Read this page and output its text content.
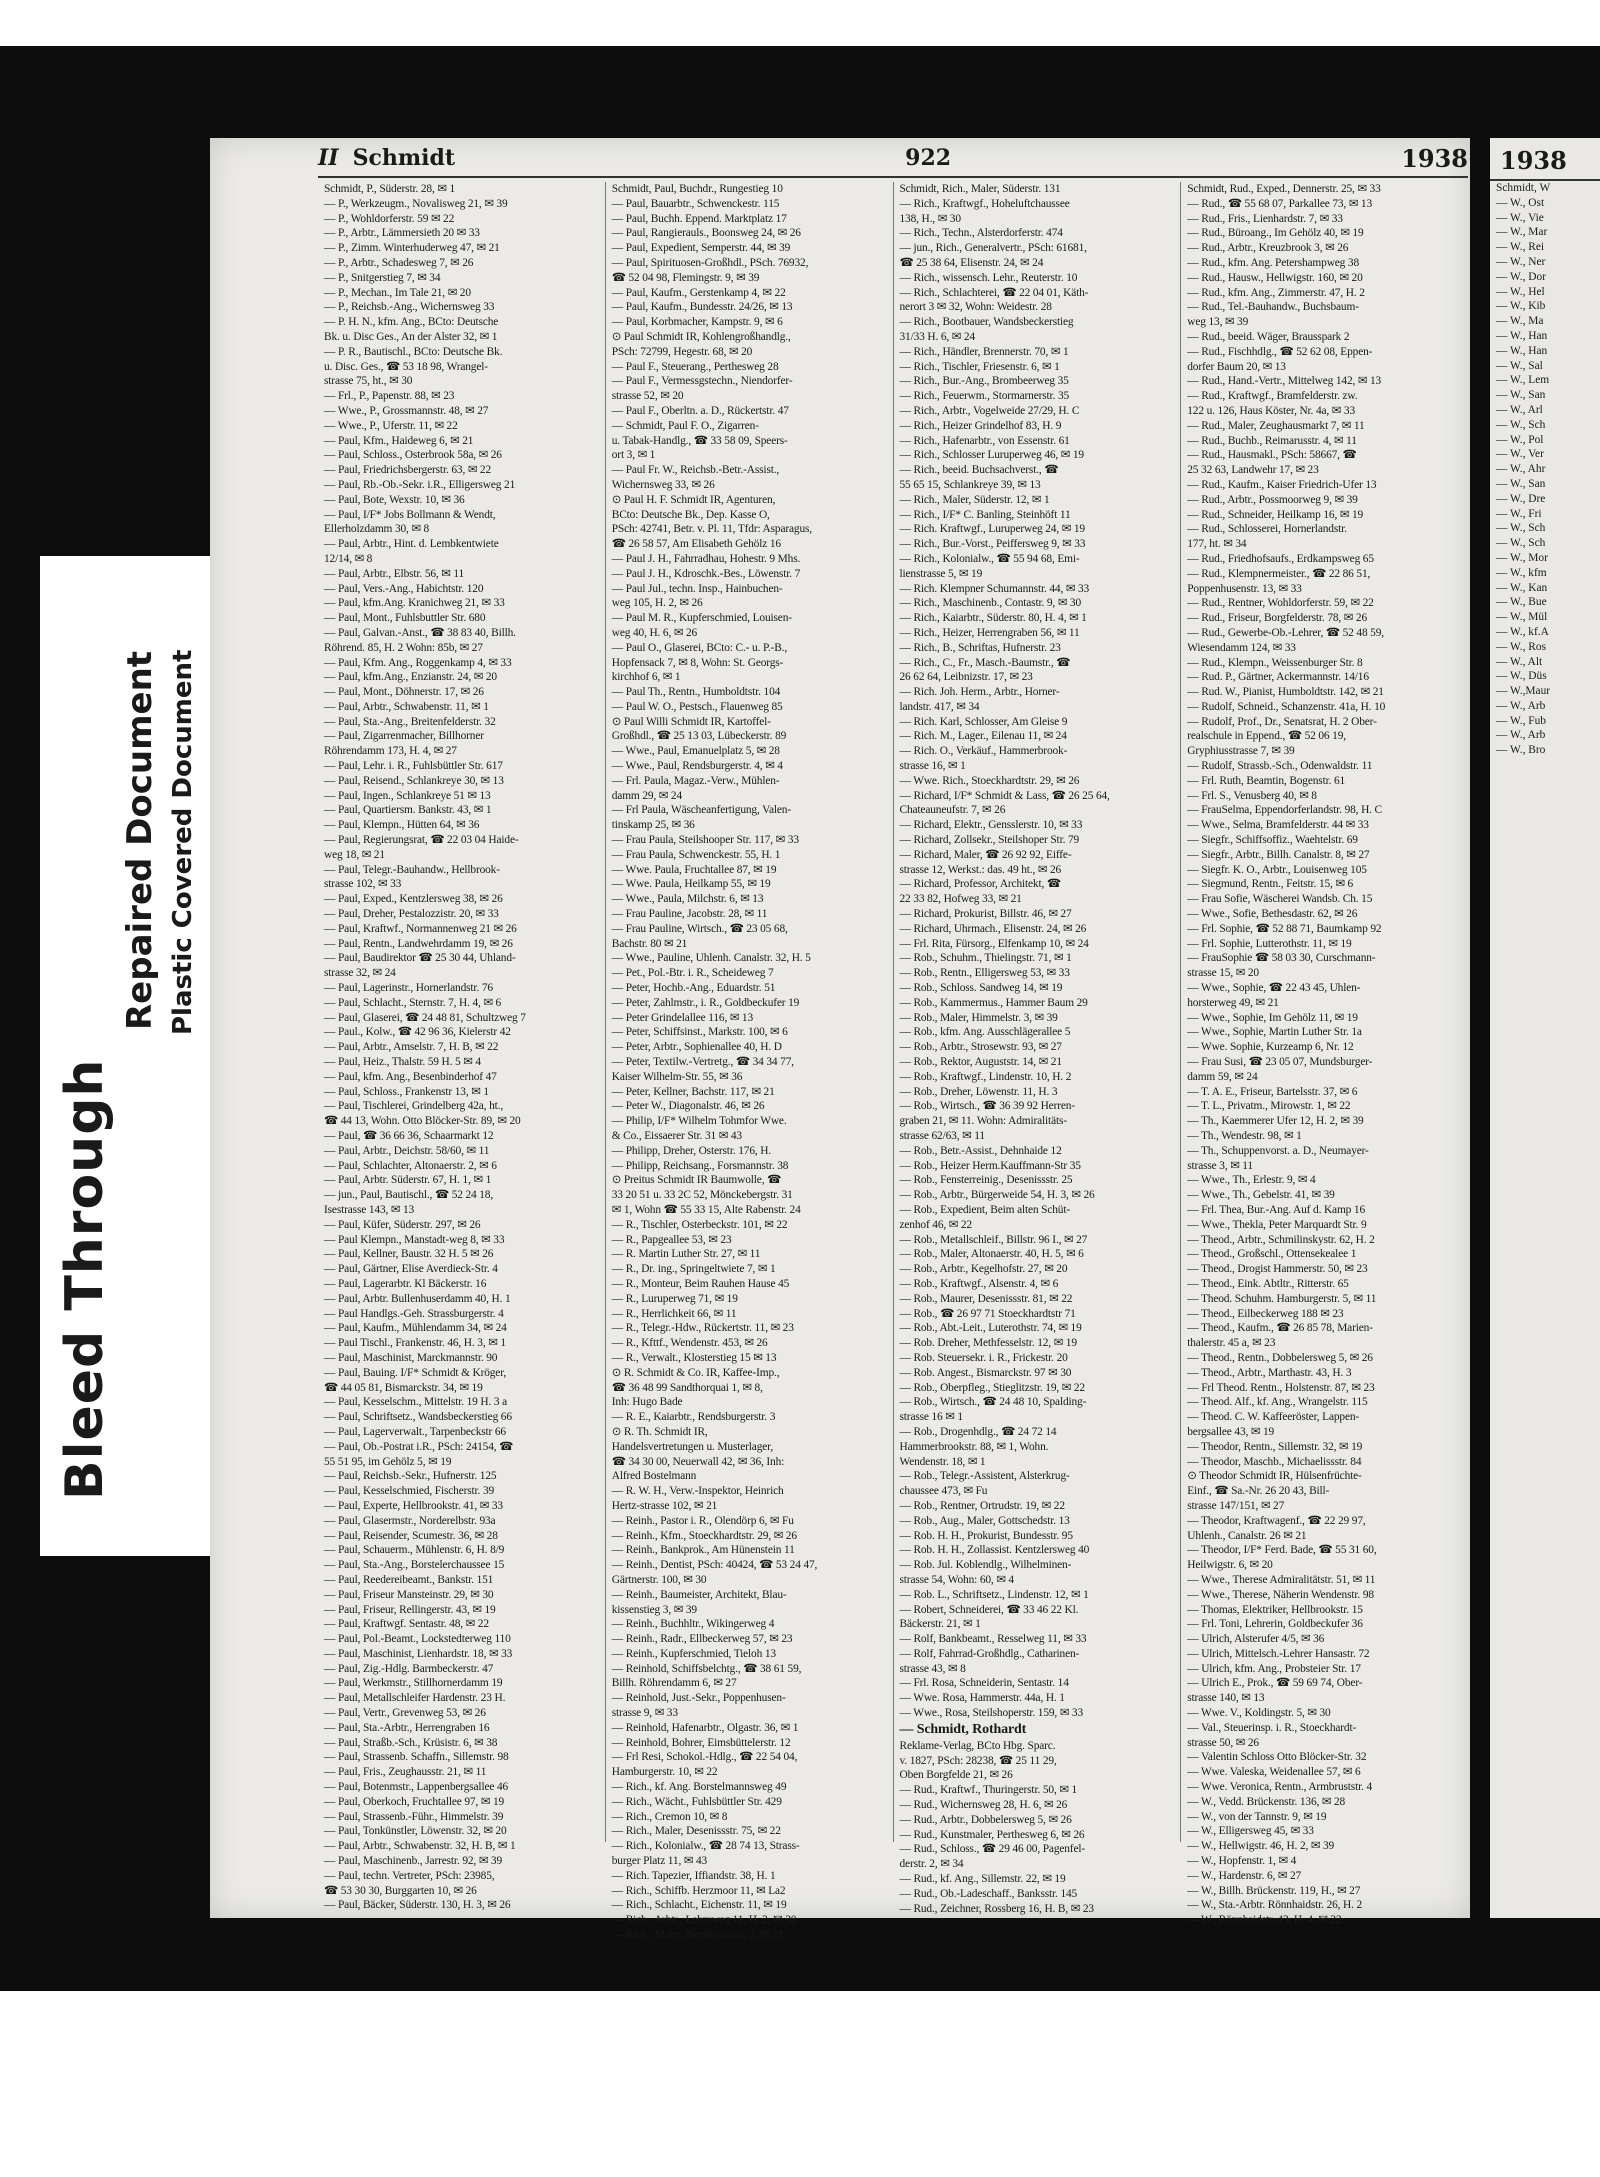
Bleed Through
Repaired Document Plastic Covered Document
II Schmidt	922	1938
Schmidt, P., Süderstr. 28, ✉ 1
— P., Werkzeugm., Novalisweg 21, ✉ 39
— P., Wohldorferstr. 59 ✉ 22
— P., Arbtr., Lämmersieth 20 ✉ 33
— P., Zimm. Winterhuderweg 47, ✉ 21
— P., Arbtr., Schadesweg 7, ✉ 26
— P., Snitgerstieg 7, ✉ 34
— P., Mechan., Im Tale 21, ✉ 20
— P., Reichsb.-Ang., Wichernsweg 33
— P. H. N., kfm. Ang., BCto: Deutsche
Bk. u. Disc Ges., An der Alster 32, ✉ 1
— P. R., Bautischl., BCto: Deutsche Bk.
u. Disc. Ges., ☎ 53 18 98, Wrangel-
strasse 75, ht., ✉ 30
— Frl., P., Papenstr. 88, ✉ 23
— Wwe., P., Grossmannstr. 48, ✉ 27
— Wwe., P., Uferstr. 11, ✉ 22
— Paul, Kfm., Haideweg 6, ✉ 21
— Paul, Schloss., Osterbrook 58a, ✉ 26
— Paul, Friedrichsbergerstr. 63, ✉ 22
— Paul, Rb.-Ob.-Sekr. i.R., Elligersweg 21
— Paul, Bote, Wexstr. 10, ✉ 36
— Paul, I/F* Jobs Bollmann & Wendt,
Ellerholzdamm 30, ✉ 8
— Paul, Arbtr., Hint. d. Lembkentwiete
12/14, ✉ 8
— Paul, Arbtr., Elbstr. 56, ✉ 11
— Paul, Vers.-Ang., Habichtstr. 120
— Paul, kfm.Ang. Kranichweg 21, ✉ 33
— Paul, Mont., Fuhlsbuttler Str. 680
— Paul, Galvan.-Anst., ☎ 38 83 40, Billh.
Röhrend. 85, H. 2 Wohn: 85b, ✉ 27
— Paul, Kfm. Ang., Roggenkamp 4, ✉ 33
— Paul, kfm.Ang., Enzianstr. 24, ✉ 20
— Paul, Mont., Döhnerstr. 17, ✉ 26
— Paul, Arbtr., Schwabenstr. 11, ✉ 1
— Paul, Sta.-Ang., Breitenfelderstr. 32
— Paul, Zigarrenmacher, Billhorner
Röhrendamm 173, H. 4, ✉ 27
— Paul, Lehr. i. R., Fuhlsbüttler Str. 617
— Paul, Reisend., Schlankreye 30, ✉ 13
— Paul, Ingen., Schlankreye 51 ✉ 13
— Paul, Quartiersm. Bankstr. 43, ✉ 1
— Paul, Klempn., Hütten 64, ✉ 36
— Paul, Regierungsrat, ☎ 22 03 04 Haide-
weg 18, ✉ 21
— Paul, Telegr.-Bauhandw., Hellbrook-
strasse 102, ✉ 33
— Paul, Exped., Kentzlersweg 38, ✉ 26
— Paul, Dreher, Pestalozzistr. 20, ✉ 33
— Paul, Kraftwf., Normannenweg 21 ✉ 26
— Paul, Rentn., Landwehrdamm 19, ✉ 26
— Paul, Baudirektor ☎ 25 30 44, Uhland-
strasse 32, ✉ 24
— Paul, Lagerinstr., Hornerlandstr. 76
— Paul, Schlacht., Sternstr. 7, H. 4, ✉ 6
— Paul, Glaserei, ☎ 24 48 81, Schultzweg 7
— Paul., Kolw., ☎ 42 96 36, Kielerstr 42
— Paul, Arbtr., Amselstr. 7, H. B, ✉ 22
— Paul, Heiz., Thalstr. 59 H. 5 ✉ 4
— Paul, kfm. Ang., Besenbinderhof 47
— Paul, Schloss., Frankenstr 13, ✉ 1
— Paul, Tischlerei, Grindelberg 42a, ht.,
☎ 44 13, Wohn. Otto Blöcker-Str. 89, ✉ 20
— Paul, ☎ 36 66 36, Schaarmarkt 12
— Paul, Arbtr., Deichstr. 58/60, ✉ 11
— Paul, Schlachter, Altonaerstr. 2, ✉ 6
— Paul, Arbtr. Süderstr. 67, H. 1, ✉ 1
— jun., Paul, Bautischl., ☎ 52 24 18,
Isestrasse 143, ✉ 13
— Paul, Küfer, Süderstr. 297, ✉ 26
— Paul Klempn., Manstadt-weg 8, ✉ 33
— Paul, Kellner, Baustr. 32 H. 5 ✉ 26
— Paul, Gärtner, Elise Averdieck-Str. 4
— Paul, Lagerarbtr. Kl Bäckerstr. 16
— Paul, Arbtr. Bullenhuserdamm 40, H. 1
— Paul Handlgs.-Geh. Strassburgerstr. 4
— Paul, Kaufm., Mühlendamm 34, ✉ 24
— Paul Tischl., Frankenstr. 46, H. 3, ✉ 1
— Paul, Maschinist, Marckmannstr. 90
— Paul, Bauing. I/F* Schmidt & Kröger,
☎ 44 05 81, Bismarckstr. 34, ✉ 19
— Paul, Kesselschm., Mittelstr. 19 H. 3 a
— Paul, Schriftsetz., Wandsbeckerstieg 66
— Paul, Lagerverwalt., Tarpenbeckstr 66
— Paul, Ob.-Postrat i.R., PSch: 24154, ☎
55 51 95, im Gehölz 5, ✉ 19
— Paul, Reichsb.-Sekr., Hufnerstr. 125
— Paul, Kesselschmied, Fischerstr. 39
— Paul, Experte, Hellbrookstr. 41, ✉ 33
— Paul, Glasermstr., Norderelbstr. 93a
— Paul, Reisender, Scumestr. 36, ✉ 28
— Paul, Schauerm., Mühlenstr. 6, H. 8/9
— Paul, Sta.-Ang., Borstelerchaussee 15
— Paul, Reedereibeamt., Bankstr. 151
— Paul, Friseur Mansteinstr. 29, ✉ 30
— Paul, Friseur, Rellingerstr. 43, ✉ 19
— Paul, Kraftwgf. Sentastr. 48, ✉ 22
— Paul, Pol.-Beamt., Lockstedterweg 110
— Paul, Maschinist, Lienhardstr. 18, ✉ 33
— Paul, Zig.-Hdlg. Barmbeckerstr. 47
— Paul, Werkmstr., Stillhornerdamm 19
— Paul, Metallschleifer Hardenstr. 23 H.
— Paul, Vertr., Grevenweg 53, ✉ 26
— Paul, Sta.-Arbtr., Herrengraben 16
— Paul, Straßb.-Sch., Krüsistr. 6, ✉ 38
— Paul, Strassenb. Schaffn., Sillemstr. 98
— Paul, Fris., Zeughausstr. 21, ✉ 11
— Paul, Botenmstr., Lappenbergsallee 46
— Paul, Oberkoch, Fruchtallee 97, ✉ 19
— Paul, Strassenb.-Führ., Himmelstr. 39
— Paul, Tonkünstler, Löwenstr. 32, ✉ 20
— Paul, Arbtr., Schwabenstr. 32, H. B, ✉ 1
— Paul, Maschinenb., Jarrestr. 92, ✉ 39
— Paul, techn. Vertreter, PSch: 23985,
☎ 53 30 30, Burggarten 10, ✉ 26
— Paul, Bäcker, Süderstr. 130, H. 3, ✉ 26
Schmidt, Paul, Buchdr., Rungestieg 10
— Paul, Bauarbtr., Schwenckestr. 115
— Paul, Buchh. Eppend. Marktplatz 17
— Paul, Rangierauls., Boonsweg 24, ✉ 26
— Paul, Expedient, Semperstr. 44, ✉ 39
— Paul, Spirituosen-Großhdl., PSch. 76932,
☎ 52 04 98, Flemingstr. 9, ✉ 39
— Paul, Kaufm., Gerstenkamp 4, ✉ 22
— Paul, Kaufm., Bundesstr. 24/26, ✉ 13
— Paul, Korbmacher, Kampstr. 9, ✉ 6
⊙ Paul Schmidt IR, Kohlengroßhandlg.,
PSch: 72799, Hegestr. 68, ✉ 20
— Paul F., Steuerang., Perthesweg 28
— Paul F., Vermessgstechn., Niendorfer-
strasse 52, ✉ 20
— Paul F., Oberltn. a. D., Rückertstr. 47
— Schmidt, Paul F. O., Zigarren-
u. Tabak-Handlg., ☎ 33 58 09, Speers-
ort 3, ✉ 1
— Paul Fr. W., Reichsb.-Betr.-Assist.,
Wichernsweg 33, ✉ 26
⊙ Paul H. F. Schmidt IR, Agenturen,
BCto: Deutsche Bk., Dep. Kasse O,
PSch: 42741, Betr. v. Pl. 11, Tfdr: Asparagus,
☎ 26 58 57, Am Elisabeth Gehölz 16
— Paul J. H., Fahrradhau, Hohestr. 9 Mhs.
— Paul J. H., Kdroschk.-Bes., Löwenstr. 7
— Paul Jul., techn. Insp., Hainbuchen-
weg 105, H. 2, ✉ 26
— Paul M. R., Kupferschmied, Louisen-
weg 40, H. 6, ✉ 26
— Paul O., Glaserei, BCto: C.- u. P.-B.,
Hopfensack 7, ✉ 8, Wohn: St. Georgs-
kirchhof 6, ✉ 1
— Paul Th., Rentn., Humboldtstr. 104
— Paul W. O., Pestsch., Flauenweg 85
⊙ Paul Willi Schmidt IR, Kartoffel-
Großhdl., ☎ 25 13 03, Lübeckerstr. 89
— Wwe., Paul, Emanuelplatz 5, ✉ 28
— Wwe., Paul, Rendsburgerstr. 4, ✉ 4
— Frl. Paula, Magaz.-Verw., Mühlen-
damm 29, ✉ 24
— Frl Paula, Wäscheanfertigung, Valen-
tinskamp 25, ✉ 36
— Frau Paula, Steilshooper Str. 117, ✉ 33
— Frau Paula, Schwenckestr. 55, H. 1
— Wwe. Paula, Fruchtallee 87, ✉ 19
— Wwe. Paula, Heilkamp 55, ✉ 19
— Wwe., Paula, Milchstr. 6, ✉ 13
— Frau Pauline, Jacobstr. 28, ✉ 11
— Frau Pauline, Wirtsch., ☎ 23 05 68,
Bachstr. 80 ✉ 21
— Wwe., Pauline, Uhlenh. Canalstr. 32, H. 5
— Pet., Pol.-Btr. i. R., Scheideweg 7
— Peter, Hochb.-Ang., Eduardstr. 51
— Peter, Zahlmstr., i. R., Goldbeckufer 19
— Peter Grindelallee 116, ✉ 13
— Peter, Schiffsinst., Markstr. 100, ✉ 6
— Peter, Arbtr., Sophienallee 40, H. D
— Peter, Textilw.-Vertretg., ☎ 34 34 77,
Kaiser Wilhelm-Str. 55, ✉ 36
— Peter, Kellner, Bachstr. 117, ✉ 21
— Peter W., Diagonalstr. 46, ✉ 26
— Philip, I/F* Wilhelm Tohmfor Wwe.
& Co., Eissaerer Str. 31 ✉ 43
— Philipp, Dreher, Osterstr. 176, H.
— Philipp, Reichsang., Forsmannstr. 38
⊙ Preitus Schmidt IR Baumwolle, ☎
33 20 51 u. 33 2C 52, Mönckebergstr. 31
✉ 1, Wohn ☎ 55 33 15, Alte Rabenstr. 24
— R., Tischler, Osterbeckstr. 101, ✉ 22
— R., Papgeallee 53, ✉ 23
— R. Martin Luther Str. 27, ✉ 11
— R., Dr. ing., Springeltwiete 7, ✉ 1
— R., Monteur, Beim Rauhen Hause 45
— R., Luruperweg 71, ✉ 19
— R., Herrlichkeit 66, ✉ 11
— R., Telegr.-Hdw., Rückertstr. 11, ✉ 23
— R., Kfttf., Wendenstr. 453, ✉ 26
— R., Verwalt., Klosterstieg 15 ✉ 13
⊙ R. Schmidt & Co. IR, Kaffee-Imp.,
☎ 36 48 99 Sandthorquai 1, ✉ 8,
Inh: Hugo Bade
— R. E., Kaiarbtr., Rendsburgerstr. 3
⊙ R. Th. Schmidt IR,
Handelsvertretungen u. Musterlager,
☎ 34 30 00, Neuerwall 42, ✉ 36, Inh:
Alfred Bostelmann
— R. W. H., Verw.-Inspektor, Heinrich
Hertz-strasse 102, ✉ 21
— Reinh., Pastor i. R., Olendörp 6, ✉ Fu
— Reinh., Kfm., Stoeckhardtstr. 29, ✉ 26
— Reinh., Bankprok., Am Hünenstein 11
— Reinh., Dentist, PSch: 40424, ☎ 53 24 47,
Gärtnerstr. 100, ✉ 30
— Reinh., Baumeister, Architekt, Blau-
kissenstieg 3, ✉ 39
— Reinh., Buchhltr., Wikingerweg 4
— Reinh., Radr., Ellbeckerweg 57, ✉ 23
— Reinh., Kupferschmied, Tieloh 13
— Reinhold, Schiffsbelchtg., ☎ 38 61 59,
Billh. Röhrendamm 6, ✉ 27
— Reinhold, Just.-Sekr., Poppenhusen-
strasse 9, ✉ 33
— Reinhold, Hafenarbtr., Olgastr. 36, ✉ 1
— Reinhold, Bohrer, Eimsbüttelerstr. 12
— Frl Resi, Schokol.-Hdlg., ☎ 22 54 04,
Hamburgerstr. 10, ✉ 22
— Rich., kf. Ang. Borstelmannsweg 49
— Rich., Wächt., Fuhlsbüttler Str. 429
— Rich., Cremon 10, ✉ 8
— Rich., Maler, Desenissstr. 75, ✉ 22
— Rich., Kolonialw., ☎ 28 74 13, Strass-
burger Platz 11, ✉ 43
— Rich. Tapezier, Iffiandstr. 38, H. 1
— Rich., Schiffb. Herzmoor 11, ✉ La2
— Rich., Schlacht., Eichenstr. 11, ✉ 19
— Rich., Arbtr., Lehmweg 11, H. 2, ✉ 30
— Rich., Maler, Beethovenstr. 2, ✉ 21
Schmidt, Rich., Maler, Süderstr. 131
— Rich., Kraftwgf., Hoheluftchaussee
138, H., ✉ 30
— Rich., Techn., Alsterdorferstr. 474
— jun., Rich., Generalvertr., PSch: 61681,
☎ 25 38 64, Elisenstr. 24, ✉ 24
— Rich., wissensch. Lehr., Reuterstr. 10
— Rich., Schlachterei, ☎ 22 04 01, Käth-
nerort 3 ✉ 32, Wohn: Weidestr. 28
— Rich., Bootbauer, Wandsbeckerstieg
31/33 H. 6, ✉ 24
— Rich., Händler, Brennerstr. 70, ✉ 1
— Rich., Tischler, Friesenstr. 6, ✉ 1
— Rich., Bur.-Ang., Brombeerweg 35
— Rich., Feuerwm., Stormarnerstr. 35
— Rich., Arbtr., Vogelweide 27/29, H. C
— Rich., Heizer Grindelhof 83, H. 9
— Rich., Hafenarbtr., von Essenstr. 61
— Rich., Schlosser Luruperweg 46, ✉ 19
— Rich., beeid. Buchsachverst., ☎
55 65 15, Schlankreye 39, ✉ 13
— Rich., Maler, Süderstr. 12, ✉ 1
— Rich., I/F* C. Banling, Steinhöft 11
— Rich. Kraftwgf., Luruperweg 24, ✉ 19
— Rich., Bur.-Vorst., Peiffersweg 9, ✉ 33
— Rich., Kolonialw., ☎ 55 94 68, Emi-
lienstrasse 5, ✉ 19
— Rich. Klempner Schumannstr. 44, ✉ 33
— Rich., Maschinenb., Contastr. 9, ✉ 30
— Rich., Kaiarbtr., Süderstr. 80, H. 4, ✉ 1
— Rich., Heizer, Herrengraben 56, ✉ 11
— Rich., B., Schriftas, Hufnerstr. 23
— Rich., C., Fr., Masch.-Baumstr., ☎
26 62 64, Leibnizstr. 17, ✉ 23
— Rich. Joh. Herm., Arbtr., Horner-
landstr. 417, ✉ 34
— Rich. Karl, Schlosser, Am Gleise 9
— Rich. M., Lager., Eilenau 11, ✉ 24
— Rich. O., Verkäuf., Hammerbrook-
strasse 16, ✉ 1
— Wwe. Rich., Stoeckhardtstr. 29, ✉ 26
— Richard, I/F* Schmidt & Lass, ☎ 26 25 64,
Chateauneufstr. 7, ✉ 26
— Richard, Elektr., Gensslerstr. 10, ✉ 33
— Richard, Zollsekr., Steilshoper Str. 79
— Richard, Maler, ☎ 26 92 92, Eiffe-
strasse 12, Werkst.: das. 49 ht., ✉ 26
— Richard, Professor, Architekt, ☎
22 33 82, Hofweg 33, ✉ 21
— Richard, Prokurist, Billstr. 46, ✉ 27
— Richard, Uhrmach., Elisenstr. 24, ✉ 26
— Frl. Rita, Fürsorg., Elfenkamp 10, ✉ 24
— Rob., Schuhm., Thielingstr. 71, ✉ 1
— Rob., Rentn., Elligersweg 53, ✉ 33
— Rob., Schloss. Sandweg 14, ✉ 19
— Rob., Kammermus., Hammer Baum 29
— Rob., Maler, Himmelstr. 3, ✉ 39
— Rob., kfm. Ang. Ausschlägerallee 5
— Rob., Arbtr., Strosewstr. 93, ✉ 27
— Rob., Rektor, Auguststr. 14, ✉ 21
— Rob., Kraftwgf., Lindenstr. 10, H. 2
— Rob., Dreher, Löwenstr. 11, H. 3
— Rob., Wirtsch., ☎ 36 39 92 Herren-
graben 21, ✉ 11. Wohn: Admiralitäts-
strasse 62/63, ✉ 11
— Rob., Betr.-Assist., Dehnhaide 12
— Rob., Heizer Herm.Kauffmann-Str 35
— Rob., Fensterreinig., Desenissstr. 25
— Rob., Arbtr., Bürgerweide 54, H. 3, ✉ 26
— Rob., Expedient, Beim alten Schüt-
zenhof 46, ✉ 22
— Rob., Metallschleif., Billstr. 96 I., ✉ 27
— Rob., Maler, Altonaerstr. 40, H. 5, ✉ 6
— Rob., Arbtr., Kegelhofstr. 27, ✉ 20
— Rob., Kraftwgf., Alsenstr. 4, ✉ 6
— Rob., Maurer, Desenissstr. 81, ✉ 22
— Rob., ☎ 26 97 71 Stoeckhardtstr 71
— Rob., Abt.-Leit., Luterothstr. 74, ✉ 19
— Rob. Dreher, Methfesselstr. 12, ✉ 19
— Rob. Steuersekr. i. R., Frickestr. 20
— Rob. Angest., Bismarckstr. 97 ✉ 30
— Rob., Oberpfleg., Stieglitzstr. 19, ✉ 22
— Rob., Wirtsch., ☎ 24 48 10, Spalding-
strasse 16 ✉ 1
— Rob., Drogenhdlg., ☎ 24 72 14
Hammerbrookstr. 88, ✉ 1, Wohn.
Wendenstr. 18, ✉ 1
— Rob., Telegr.-Assistent, Alsterkrug-
chaussee 473, ✉ Fu
— Rob., Rentner, Ortrudstr. 19, ✉ 22
— Rob., Aug., Maler, Gottschedstr. 13
— Rob. H. H., Prokurist, Bundesstr. 95
— Rob. H. H., Zollassist. Kentzlersweg 40
— Rob. Jul. Koblendlg., Wilhelminen-
strasse 54, Wohn: 60, ✉ 4
— Rob. L., Schriftsetz., Lindenstr. 12, ✉ 1
— Robert, Schneiderei, ☎ 33 46 22 Kl.
Bäckerstr. 21, ✉ 1
— Rolf, Bankbeamt., Resselweg 11, ✉ 33
— Rolf, Fahrrad-Großhdlg., Catharinen-
strasse 43, ✉ 8
— Frl. Rosa, Schneiderin, Sentastr. 14
— Wwe. Rosa, Hammerstr. 44a, H. 1
— Wwe., Rosa, Steilshoperstr. 159, ✉ 33
— Schmidt, Rothardt
Reklame-Verlag, BCto Hbg. Sparc.
v. 1827, PSch: 28238, ☎ 25 11 29,
Oben Borgfelde 21, ✉ 26
— Rud., Kraftwf., Thuringerstr. 50, ✉ 1
— Rud., Wichernsweg 28, H. 6, ✉ 26
— Rud., Arbtr., Dobbelersweg 5, ✉ 26
— Rud., Kunstmaler, Perthesweg 6, ✉ 26
— Rud., Schloss., ☎ 29 46 00, Pagenfel-
derstr. 2, ✉ 34
— Rud., kf. Ang., Sillemstr. 22, ✉ 19
— Rud., Ob.-Ladeschaff., Banksstr. 145
— Rud., Zeichner, Rossberg 16, H. B, ✉ 23
Schmidt, Rud., Exped., Dennerstr. 25, ✉ 33
— Rud., ☎ 55 68 07, Parkallee 73, ✉ 13
— Rud., Fris., Lienhardstr. 7, ✉ 33
— Rud., Büroang., Im Gehölz 40, ✉ 19
— Rud., Arbtr., Kreuzbrook 3, ✉ 26
— Rud., kfm. Ang. Petershampweg 38
— Rud., Hausw., Hellwigstr. 160, ✉ 20
— Rud., kfm. Ang., Zimmerstr. 47, H. 2
— Rud., Tel.-Bauhandw., Buchsbaum-
weg 13, ✉ 39
— Rud., beeid. Wäger, Brausspark 2
— Rud., Fischhdlg., ☎ 52 62 08, Eppen-
dorfer Baum 20, ✉ 13
— Rud., Hand.-Vertr., Mittelweg 142, ✉ 13
— Rud., Kraftwgf., Bramfelderstr. zw.
122 u. 126, Haus Köster, Nr. 4a, ✉ 33
— Rud., Maler, Zeughausmarkt 7, ✉ 11
— Rud., Buchb., Reimarusstr. 4, ✉ 11
— Rud., Hausmakl., PSch: 58667, ☎
25 32 63, Landwehr 17, ✉ 23
— Rud., Kaufm., Kaiser Friedrich-Ufer 13
— Rud., Arbtr., Possmoorweg 9, ✉ 39
— Rud., Schneider, Heilkamp 16, ✉ 19
— Rud., Schlosserei, Hornerlandstr.
177, ht. ✉ 34
— Rud., Friedhofsaufs., Erdkampsweg 65
— Rud., Klempnermeister., ☎ 22 86 51,
Poppenhusenstr. 13, ✉ 33
— Rud., Rentner, Wohldorferstr. 59, ✉ 22
— Rud., Friseur, Borgfelderstr. 78, ✉ 26
— Rud., Gewerbe-Ob.-Lehrer, ☎ 52 48 59,
Wiesendamm 124, ✉ 33
— Rud., Klempn., Weissenburger Str. 8
— Rud. P., Gärtner, Ackermannstr. 14/16
— Rud. W., Pianist, Humboldtstr. 142, ✉ 21
— Rudolf, Schneid., Schanzenstr. 41a, H. 10
— Rudolf, Prof., Dr., Senatsrat, H. 2 Ober-
realschule in Eppend., ☎ 52 06 19,
Gryphiusstrasse 7, ✉ 39
— Rudolf, Strassb.-Sch., Odenwaldstr. 11
— Frl. Ruth, Beamtin, Bogenstr. 61
— Frl. S., Venusberg 40, ✉ 8
— FrauSelma, Eppendorferlandstr. 98, H. C
— Wwe., Selma, Bramfelderstr. 44 ✉ 33
— Siegfr., Schiffsoffiz., Waehtelstr. 69
— Siegfr., Arbtr., Billh. Canalstr. 8, ✉ 27
— Siegfr. K. O., Arbtr., Louisenweg 105
— Siegmund, Rentn., Feitstr. 15, ✉ 6
— Frau Sofie, Wäscherei Wandsb. Ch. 15
— Wwe., Sofie, Bethesdastr. 62, ✉ 26
— Frl. Sophie, ☎ 52 88 71, Baumkamp 92
— Frl. Sophie, Lutterothstr. 11, ✉ 19
— FrauSophie ☎ 58 03 30, Curschmann-
strasse 15, ✉ 20
— Wwe., Sophie, ☎ 22 43 45, Uhlen-
horsterweg 49, ✉ 21
— Wwe., Sophie, Im Gehölz 11, ✉ 19
— Wwe., Sophie, Martin Luther Str. 1a
— Wwe. Sophie, Kurzeamp 6, Nr. 12
— Frau Susi, ☎ 23 05 07, Mundsburger-
damm 59, ✉ 24
— T. A. E., Friseur, Bartelsstr. 37, ✉ 6
— T. L., Privatm., Mirowstr. 1, ✉ 22
— Th., Kaemmerer Ufer 12, H. 2, ✉ 39
— Th., Wendestr. 98, ✉ 1
— Th., Schuppenvorst. a. D., Neumayer-
strasse 3, ✉ 11
— Wwe., Th., Erlestr. 9, ✉ 4
— Wwe., Th., Gebelstr. 41, ✉ 39
— Frl. Thea, Bur.-Ang. Auf d. Kamp 16
— Wwe., Thekla, Peter Marquardt Str. 9
— Theod., Arbtr., Schmilinskystr. 62, H. 2
— Theod., Großschl., Ottensekealee 1
— Theod., Drogist Hammerstr. 50, ✉ 23
— Theod., Eink. Abtltr., Ritterstr. 65
— Theod. Schuhm. Hamburgerstr. 5, ✉ 11
— Theod., Eilbeckerweg 188 ✉ 23
— Theod., Kaufm., ☎ 26 85 78, Marien-
thalerstr. 45 a, ✉ 23
— Theod., Rentn., Dobbelersweg 5, ✉ 26
— Theod., Arbtr., Marthastr. 43, H. 3
— Frl Theod. Rentn., Holstenstr. 87, ✉ 23
— Theod. Alf., kf. Ang., Wrangelstr. 115
— Theod. C. W. Kaffeeröster, Lappen-
bergsallee 43, ✉ 19
— Theodor, Rentn., Sillemstr. 32, ✉ 19
— Theodor, Maschb., Michaelissstr. 84
⊙ Theodor Schmidt IR, Hülsenfrüchte-
Einf., ☎ Sa.-Nr. 26 20 43, Bill-
strasse 147/151, ✉ 27
— Theodor, Kraftwagenf., ☎ 22 29 97,
Uhlenh., Canalstr. 26 ✉ 21
— Theodor, I/F* Ferd. Bade, ☎ 55 31 60,
Heilwigstr. 6, ✉ 20
— Wwe., Therese Admiralitätstr. 51, ✉ 11
— Wwe., Therese, Näherin Wendenstr. 98
— Thomas, Elektriker, Hellbrookstr. 15
— Frl. Toni, Lehrerin, Goldbeckufer 36
— Ulrich, Alsterufer 4/5, ✉ 36
— Ulrich, Mittelsch.-Lehrer Hansastr. 72
— Ulrich, kfm. Ang., Probsteier Str. 17
— Ulrich E., Prok., ☎ 59 69 74, Ober-
strasse 140, ✉ 13
— Wwe. V., Koldingstr. 5, ✉ 30
— Val., Steuerinsp. i. R., Stoeckhardt-
strasse 50, ✉ 26
— Valentin Schloss Otto Blöcker-Str. 32
— Wwe. Valeska, Weidenallee 57, ✉ 6
— Wwe. Veronica, Rentn., Armbruststr. 4
— W., Vedd. Brückenstr. 136, ✉ 28
— W., von der Tannstr. 9, ✉ 19
— W., Elligersweg 45, ✉ 33
— W., Hellwigstr. 46, H. 2, ✉ 39
— W., Hopfenstr. 1, ✉ 4
— W., Hardenstr. 6, ✉ 27
— W., Billh. Brückenstr. 119, H., ✉ 27
— W., Sta.-Arbtr. Rönnhaidstr. 26, H. 2
— W., Rönnhaidstr. 43, H. 4, ✉ 22
1938
Schmidt, W
— W., Ost
— W., Vie
— W., Mar
— W., Rei
— W., Ner
— W., Dor
— W., Hel
— W., Kib
— W., Ma
— W., Han
— W., Han
— W., Sal
— W., Lem
— W., San
— W., Arl
— W., Sch
— W., Pol
— W., Ver
— W., Ahr
— W., San
— W., Dre
— W., Fri
— W., Sch
— W., Sch
— W., Mor
— W., kfm
— W., Kan
— W., Bue
— W., Mül
— W., kf.A
— W., Ros
— W., Alt
— W., Düs
— W.,Maur
— W., Arb
— W., Fub
— W., Arb
— W., Bro
